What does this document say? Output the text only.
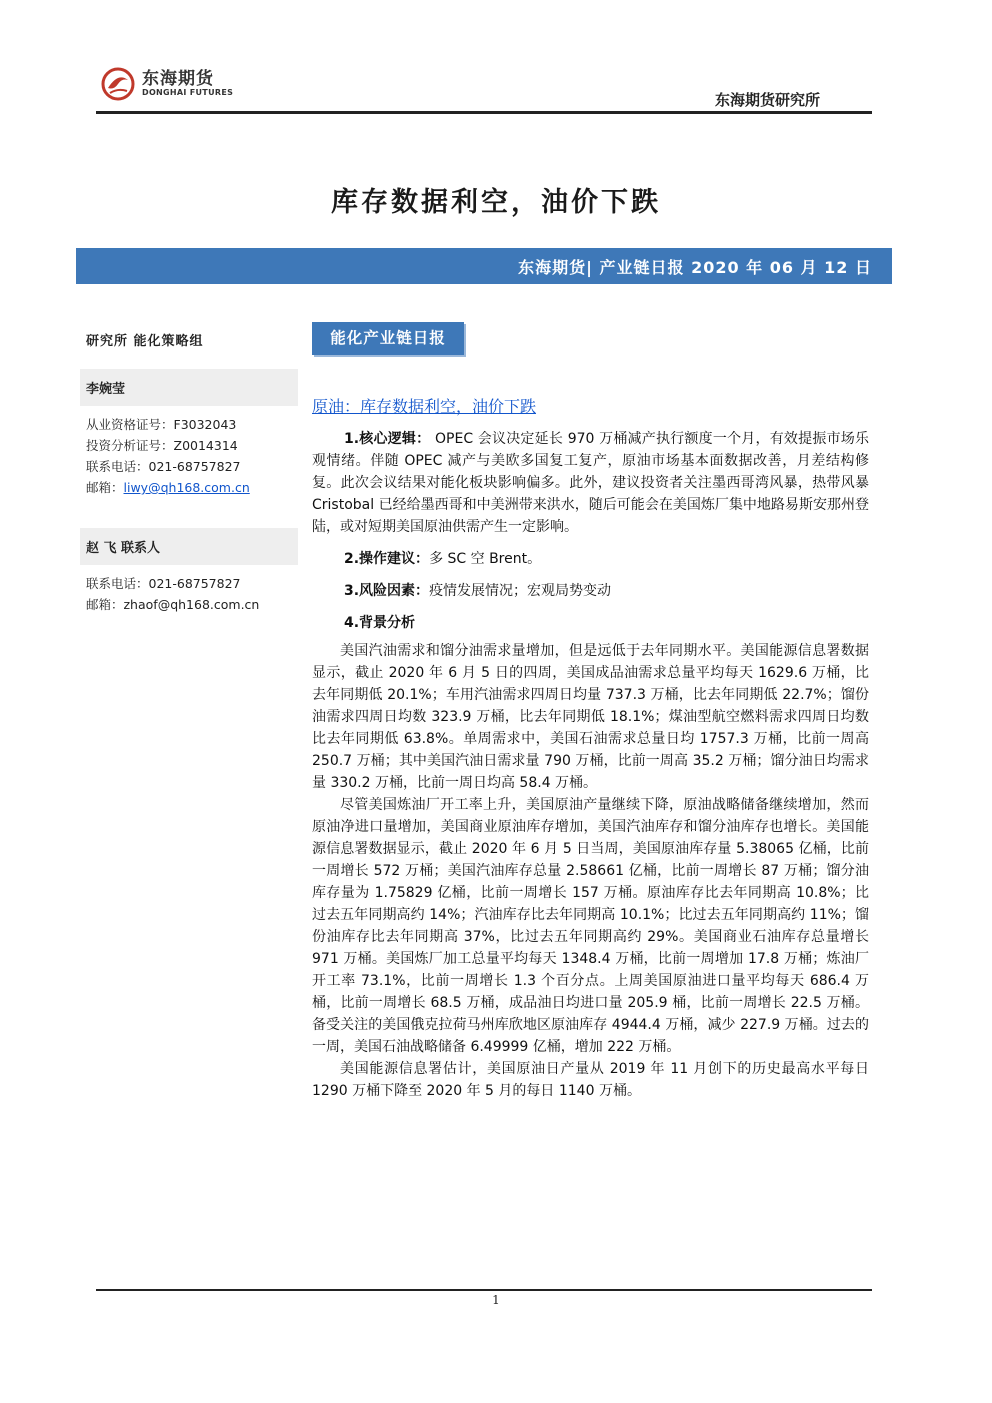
东海期货
DONGHAI FUTURES	东海期货研究所
库存数据利空，油价下跌
东海期货| 产业链日报 2020 年 06 月 12 日
研究所 能化策略组
李婉莹
从业资格证号：F3032043
投资分析证号：Z0014314
联系电话：021-68757827
邮箱：liwy@qh168.com.cn
赵 飞 联系人
联系电话：021-68757827
邮箱：zhaof@qh168.com.cn
能化产业链日报
原油：库存数据利空，油价下跌

1.核心逻辑： OPEC 会议决定延长 970 万桶减产执行额度一个月，有效提振市场乐观情绪。伴随 OPEC 减产与美欧多国复工复产，原油市场基本面数据改善，月差结构修复。此次会议结果对能化板块影响偏多。此外，建议投资者关注墨西哥湾风暴，热带风暴 Cristobal 已经给墨西哥和中美洲带来洪水，随后可能会在美国炼厂集中地路易斯安那州登陆，或对短期美国原油供需产生一定影响。

2.操作建议：多 SC 空 Brent。

3.风险因素：疫情发展情况；宏观局势变动

4.背景分析

美国汽油需求和馏分油需求量增加，但是远低于去年同期水平。美国能源信息署数据显示，截止 2020 年 6 月 5 日的四周，美国成品油需求总量平均每天 1629.6 万桶，比去年同期低 20.1%；车用汽油需求四周日均量 737.3 万桶，比去年同期低 22.7%；馏份油需求四周日均数 323.9 万桶，比去年同期低 18.1%；煤油型航空燃料需求四周日均数比去年同期低 63.8%。单周需求中，美国石油需求总量日均 1757.3 万桶，比前一周高 250.7 万桶；其中美国汽油日需求量 790 万桶，比前一周高 35.2 万桶；馏分油日均需求量 330.2 万桶，比前一周日均高 58.4 万桶。

尽管美国炼油厂开工率上升，美国原油产量继续下降，原油战略储备继续增加，然而原油净进口量增加，美国商业原油库存增加，美国汽油库存和馏分油库存也增长。美国能源信息署数据显示，截止 2020 年 6 月 5 日当周，美国原油库存量 5.38065 亿桶，比前一周增长 572 万桶；美国汽油库存总量 2.58661 亿桶，比前一周增长 87 万桶；馏分油库存量为 1.75829 亿桶，比前一周增长 157 万桶。原油库存比去年同期高 10.8%；比过去五年同期高约 14%；汽油库存比去年同期高 10.1%；比过去五年同期高约 11%；馏份油库存比去年同期高 37%，比过去五年同期高约 29%。美国商业石油库存总量增长 971 万桶。美国炼厂加工总量平均每天 1348.4 万桶，比前一周增加 17.8 万桶；炼油厂开工率 73.1%，比前一周增长 1.3 个百分点。上周美国原油进口量平均每天 686.4 万桶，比前一周增长 68.5 万桶，成品油日均进口量 205.9 桶，比前一周增长 22.5 万桶。备受关注的美国俄克拉荷马州库欣地区原油库存 4944.4 万桶，减少 227.9 万桶。过去的一周，美国石油战略储备 6.49999 亿桶，增加 222 万桶。

美国能源信息署估计，美国原油日产量从 2019 年 11 月创下的历史最高水平每日 1290 万桶下降至 2020 年 5 月的每日 1140 万桶。

1
